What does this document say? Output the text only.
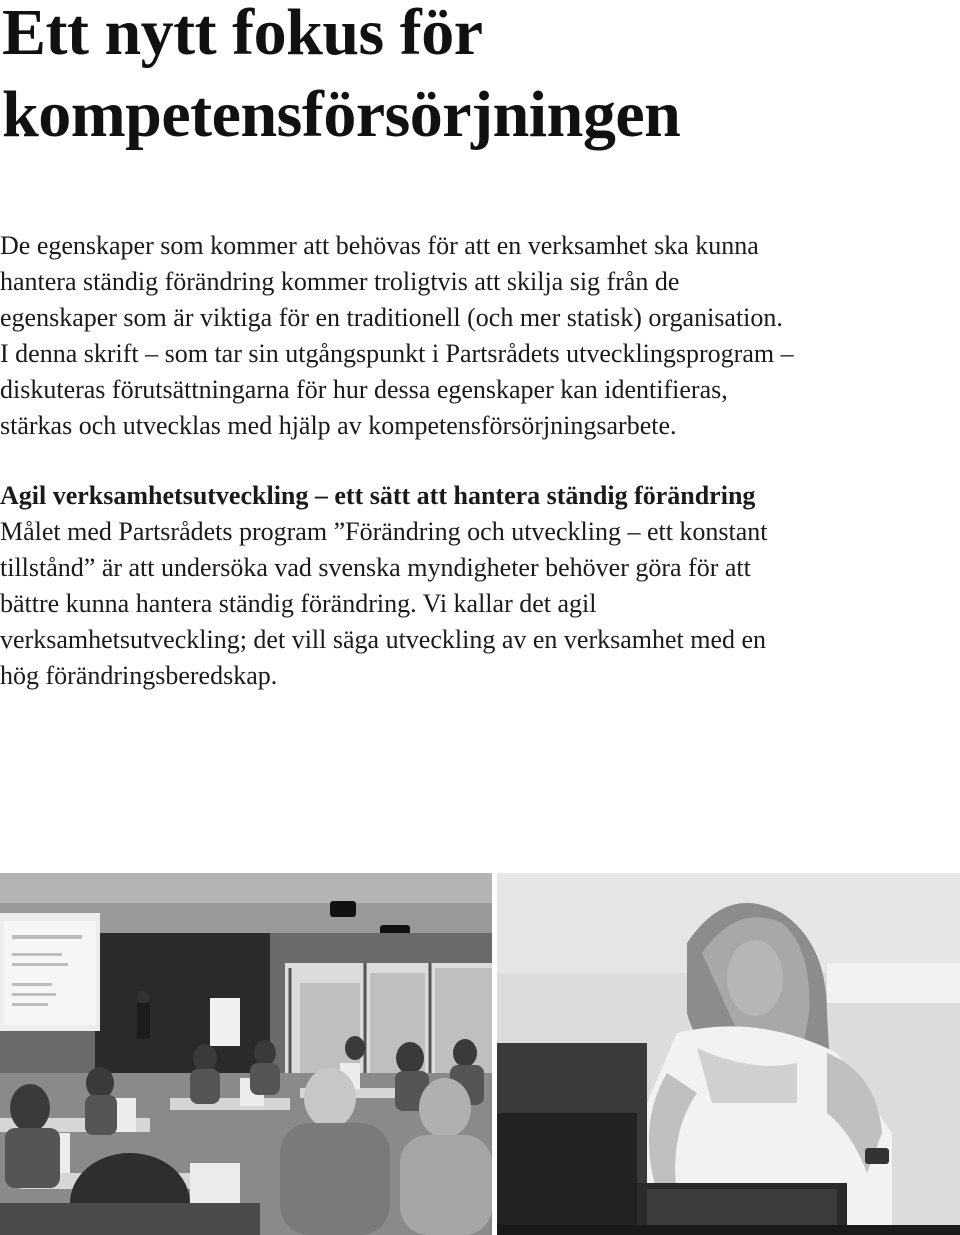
Ett nytt fokus för
kompetensförsörjningen
De egenskaper som kommer att behövas för att en verksamhet ska kunna
hantera ständig förändring kommer troligtvis att skilja sig från de
egenskaper som är viktiga för en traditionell (och mer statisk) organisation.
I denna skrift – som tar sin utgångspunkt i Partsrådets utvecklingsprogram –
diskuteras förutsättningarna för hur dessa egenskaper kan identifieras,
stärkas och utvecklas med hjälp av kompetensförsörjningsarbete.
Agil verksamhetsutveckling – ett sätt att hantera ständig förändring

Målet med Partsrådets program ”Förändring och utveckling – ett konstant
tillstånd” är att undersöka vad svenska myndigheter behöver göra för att
bättre kunna hantera ständig förändring. Vi kallar det agil
verksamhetsutveckling; det vill säga utveckling av en verksamhet med en
hög förändringsberedskap.
